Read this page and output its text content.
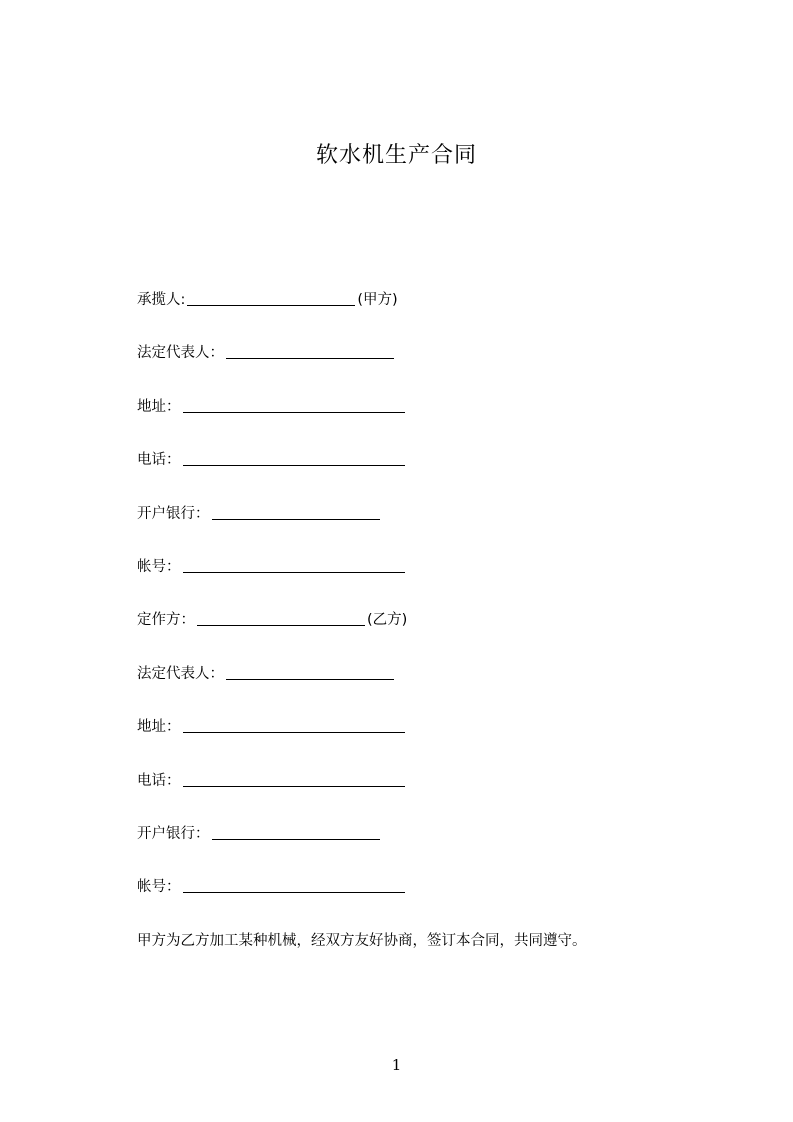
软水机生产合同
承揽人:	(甲方)
法定代表人：
地址：
电话：
开户银行：
帐号：
定作方：	(乙方)
法定代表人：
地址：
电话：
开户银行：
帐号：
甲方为乙方加工某种机械，经双方友好协商，签订本合同，共同遵守。
1
